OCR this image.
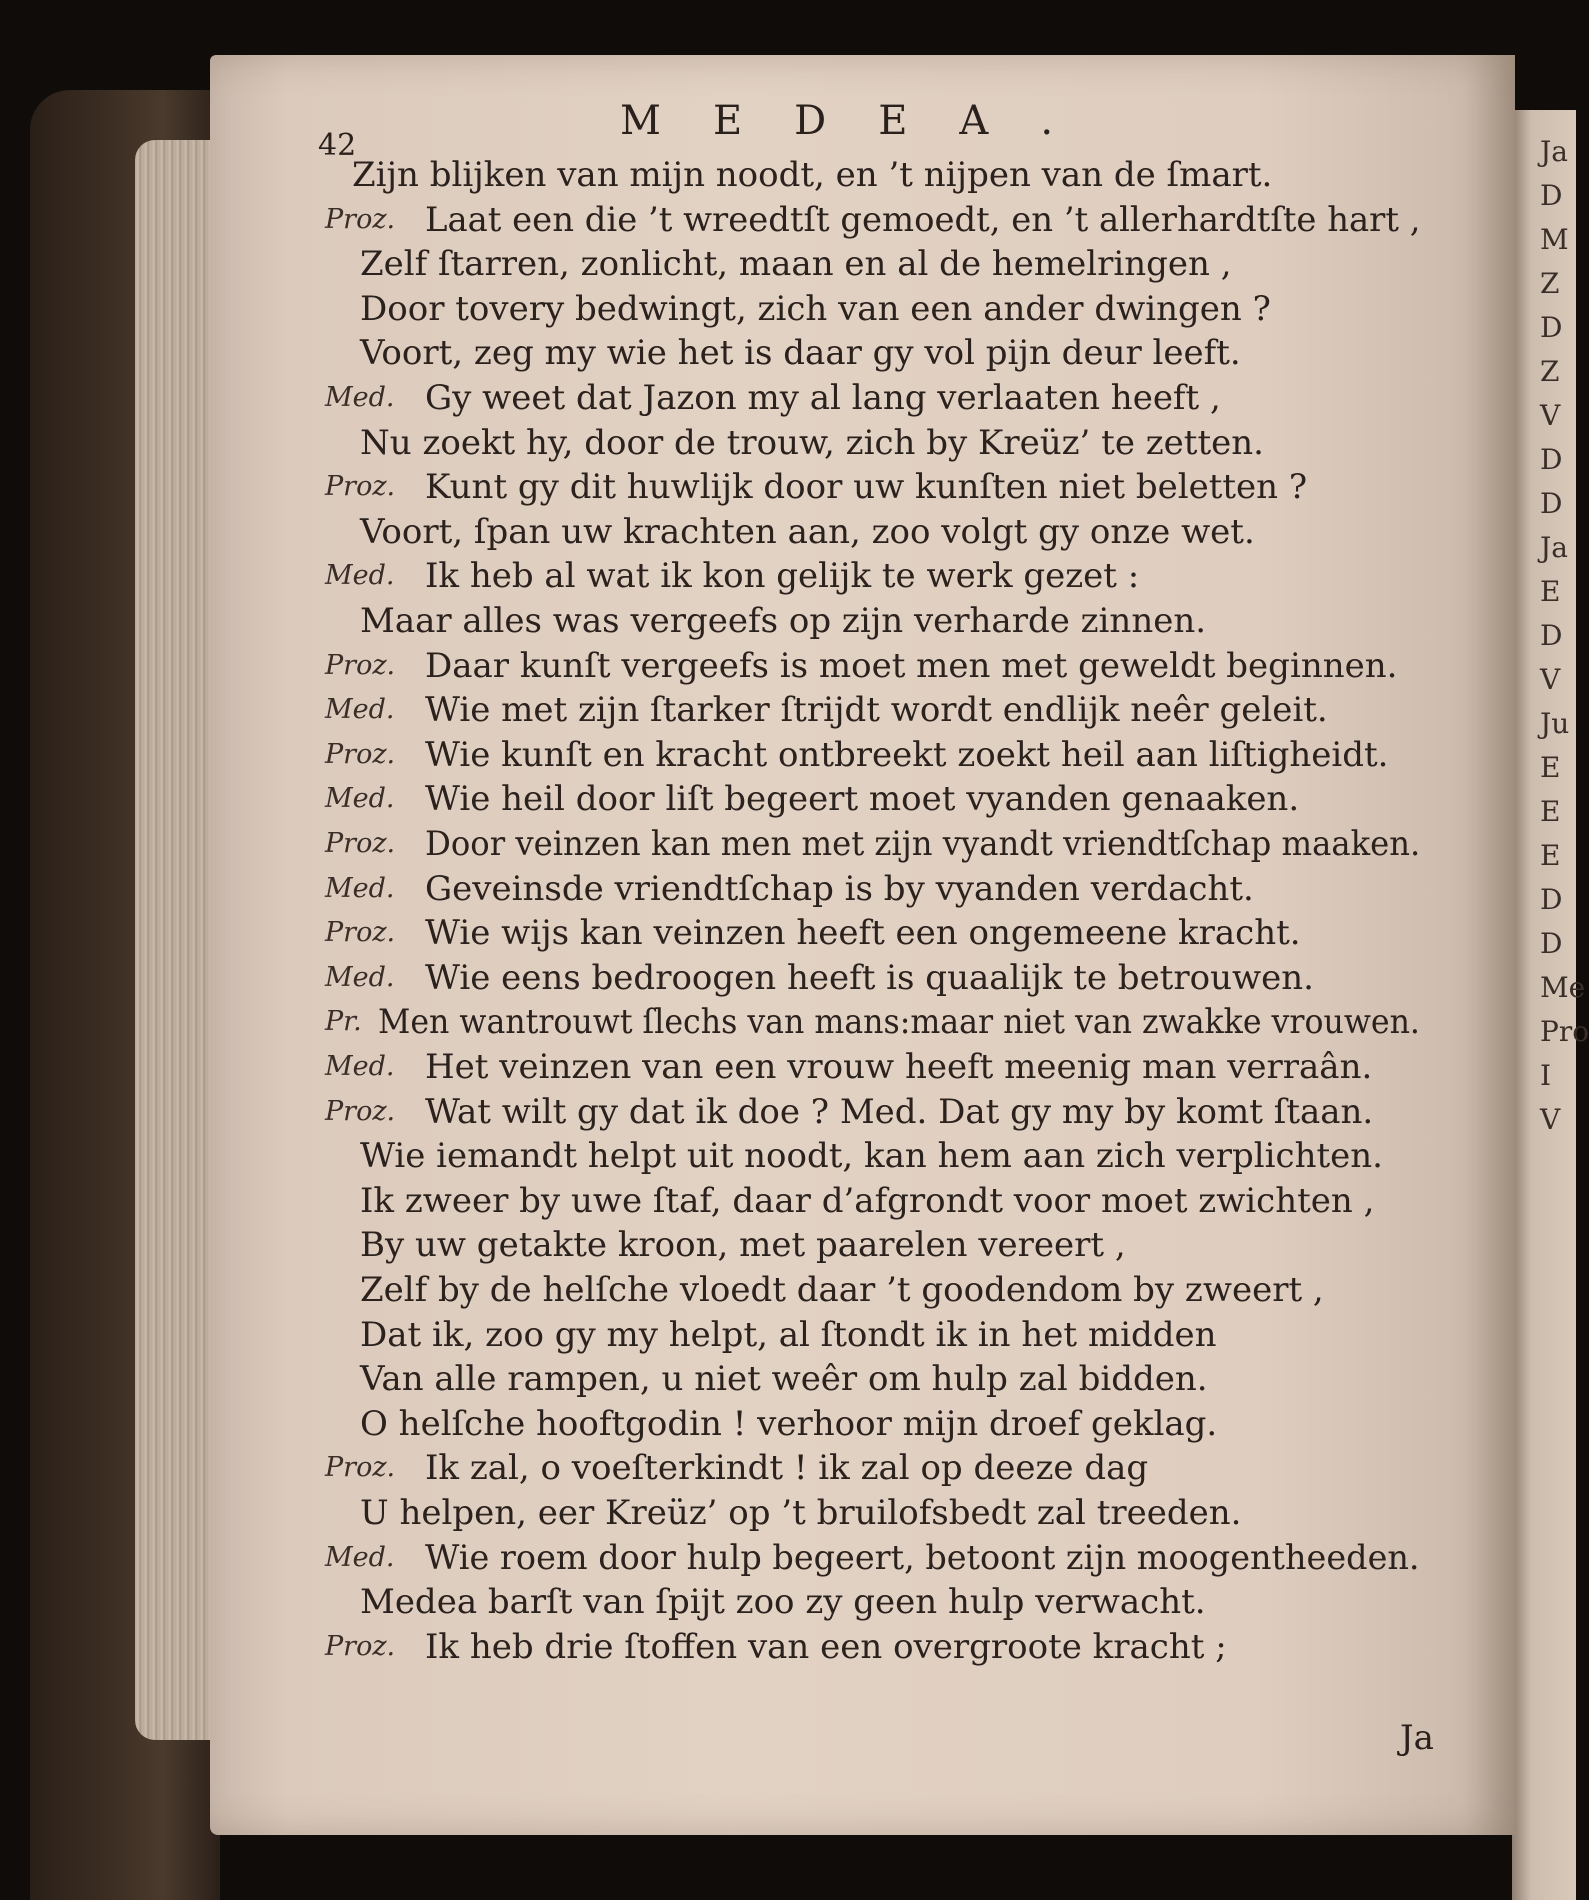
Ja
D
M
Z
D
Z
V
D
D
Ja
E
D
V
Ju
E
E
E
D
D
Me
Pro
I
V
42
MEDEA.
Zijn blijken van mijn noodt, en ’t nijpen van de ſmart.
Proz. Laat een die ’t wreedtſt gemoedt, en ’t allerhardtſte hart ,
Zelf ſtarren, zonlicht, maan en al de hemelringen ,
Door tovery bedwingt, zich van een ander dwingen ?
Voort, zeg my wie het is daar gy vol pijn deur leeft.
Med. Gy weet dat Jazon my al lang verlaaten heeft ,
Nu zoekt hy, door de trouw, zich by Kreüz’ te zetten.
Proz. Kunt gy dit huwlijk door uw kunſten niet beletten ?
Voort, ſpan uw krachten aan, zoo volgt gy onze wet.
Med. Ik heb al wat ik kon gelijk te werk gezet :
Maar alles was vergeefs op zijn verharde zinnen.
Proz. Daar kunſt vergeefs is moet men met geweldt beginnen.
Med. Wie met zijn ſtarker ſtrijdt wordt endlijk neêr geleit.
Proz. Wie kunſt en kracht ontbreekt zoekt heil aan liſtigheidt.
Med. Wie heil door liſt begeert moet vyanden genaaken.
Proz. Door veinzen kan men met zijn vyandt vriendtſchap maaken.
Med. Geveinsde vriendtſchap is by vyanden verdacht.
Proz. Wie wijs kan veinzen heeft een ongemeene kracht.
Med. Wie eens bedroogen heeft is quaalijk te betrouwen.
Pr. Men wantrouwt ſlechs van mans:maar niet van zwakke vrouwen.
Med. Het veinzen van een vrouw heeft meenig man verraân.
Proz. Wat wilt gy dat ik doe ? Med. Dat gy my by komt ſtaan.
Wie iemandt helpt uit noodt, kan hem aan zich verplichten.
Ik zweer by uwe ſtaf, daar d’afgrondt voor moet zwichten ,
By uw getakte kroon, met paarelen vereert ,
Zelf by de helſche vloedt daar ’t goodendom by zweert ,
Dat ik, zoo gy my helpt, al ſtondt ik in het midden
Van alle rampen, u niet weêr om hulp zal bidden.
O helſche hooftgodin ! verhoor mijn droef geklag.
Proz. Ik zal, o voeſterkindt ! ik zal op deeze dag
U helpen, eer Kreüz’ op ’t bruilofsbedt zal treeden.
Med. Wie roem door hulp begeert, betoont zijn moogentheeden.
Medea barſt van ſpijt zoo zy geen hulp verwacht.
Proz. Ik heb drie ſtoffen van een overgroote kracht ;
Ja
